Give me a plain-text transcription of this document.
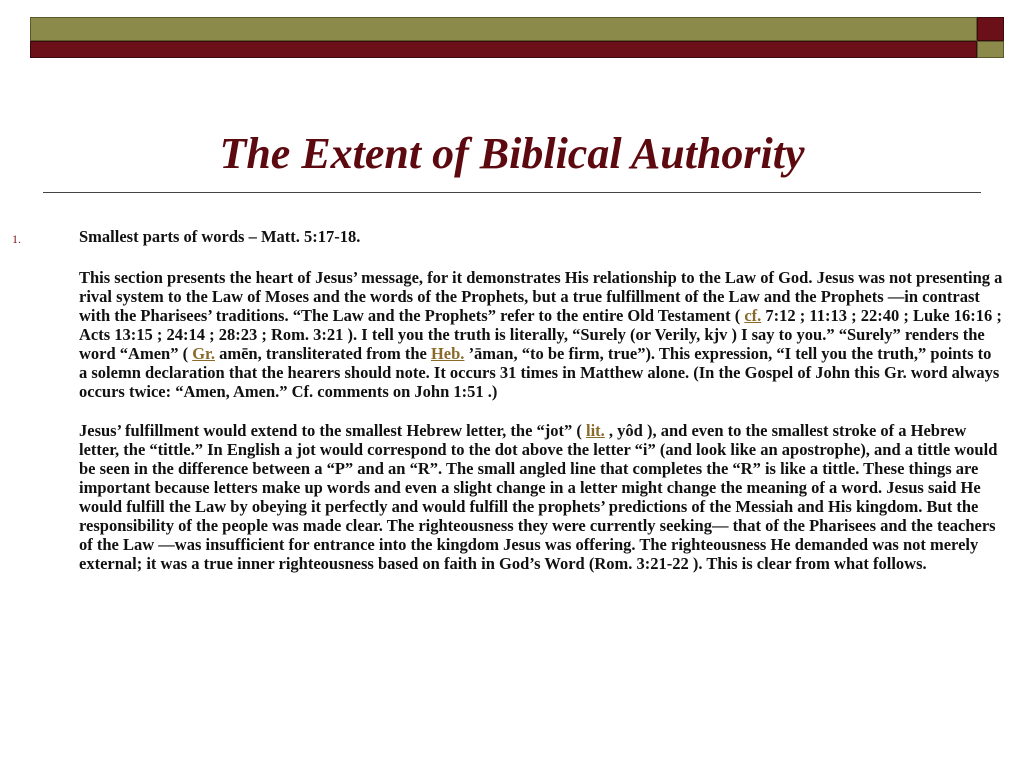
The Extent of Biblical Authority
1.	Smallest parts of words – Matt. 5:17-18.

This section presents the heart of Jesus’ message, for it demonstrates His relationship to the Law of God. Jesus was not presenting a rival system to the Law of Moses and the words of the Prophets, but a true fulfillment of the Law and the Prophets —in contrast with the Pharisees’ traditions. “The Law and the Prophets” refer to the entire Old Testament ( cf. 7:12 ; 11:13 ; 22:40 ; Luke 16:16 ; Acts 13:15 ; 24:14 ; 28:23 ; Rom. 3:21 ). I tell you the truth is literally, “Surely (or Verily, kjv ) I say to you.” “Surely” renders the word “Amen” ( Gr. amēn, transliterated from the Heb. ’āman, “to be firm, true”). This expression, “I tell you the truth,” points to a solemn declaration that the hearers should note. It occurs 31 times in Matthew alone. (In the Gospel of John this Gr. word always occurs twice: “Amen, Amen.” Cf. comments on John 1:51 .)

Jesus’ fulfillment would extend to the smallest Hebrew letter, the “jot” ( lit. , yôd ), and even to the smallest stroke of a Hebrew letter, the “tittle.” In English a jot would correspond to the dot above the letter “i” (and look like an apostrophe), and a tittle would be seen in the difference between a “P” and an “R”. The small angled line that completes the “R” is like a tittle. These things are important because letters make up words and even a slight change in a letter might change the meaning of a word. Jesus said He would fulfill the Law by obeying it perfectly and would fulfill the prophets’ predictions of the Messiah and His kingdom. But the responsibility of the people was made clear. The righteousness they were currently seeking— that of the Pharisees and the teachers of the Law —was insufficient for entrance into the kingdom Jesus was offering. The righteousness He demanded was not merely external; it was a true inner righteousness based on faith in God’s Word (Rom. 3:21-22 ). This is clear from what follows.
